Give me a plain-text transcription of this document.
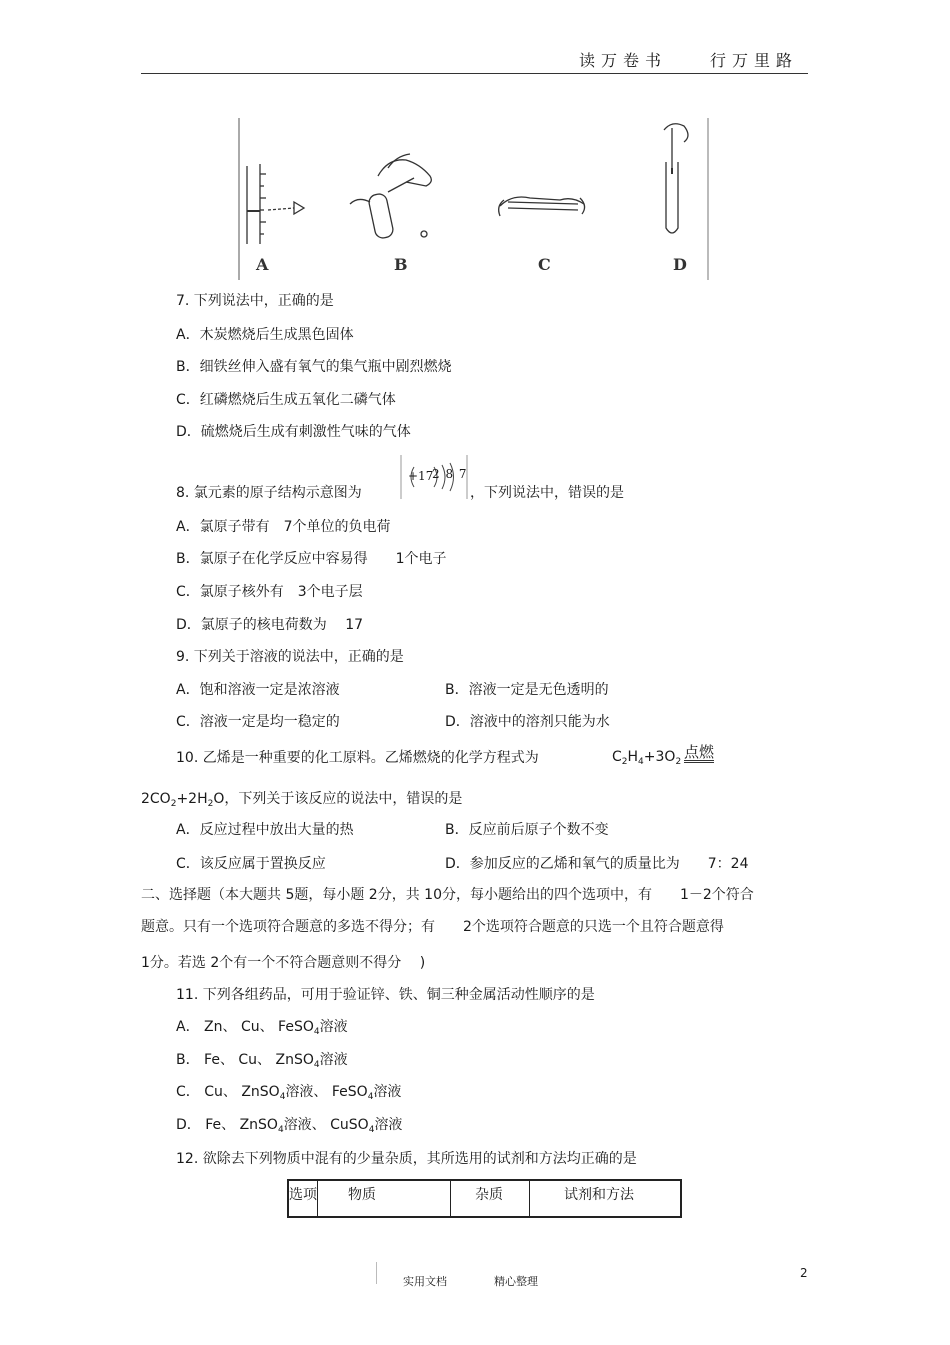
读万卷书	行万里路
A	B	C	D
7. 下列说法中，正确的是
A．木炭燃烧后生成黑色固体
B．细铁丝伸入盛有氧气的集气瓶中剧烈燃烧
C．红磷燃烧后生成五氧化二磷气体
D．硫燃烧后生成有刺激性气味的气体
8. 氯元素的原子结构示意图为
+17
2 8 7
，下列说法中，错误的是
A．氯原子带有　7个单位的负电荷
B．氯原子在化学反应中容易得　　1个电子
C．氯原子核外有　3个电子层
D．氯原子的核电荷数为　 17
9. 下列关于溶液的说法中，正确的是
A．饱和溶液一定是浓溶液	B．溶液一定是无色透明的
C．溶液一定是均一稳定的	D．溶液中的溶剂只能为水
10. 乙烯是一种重要的化工原料。乙烯燃烧的化学方程式为	$C_2H_4+3O_2$
点燃
$2CO_2+2H_2O$，下列关于该反应的说法中，错误的是
A．反应过程中放出大量的热	B．反应前后原子个数不变
C．该反应属于置换反应	D．参加反应的乙烯和氧气的质量比为　　7：24
二、选择题（本大题共 5题，每小题 2分，共 10分，每小题给出的四个选项中，有　　1－2个符合
题意。只有一个选项符合题意的多选不得分；有　　2个选项符合题意的只选一个且符合题意得
1分。若选 2个有一个不符合题意则不得分　 )
11. 下列各组药品，可用于验证锌、铁、铜三种金属活动性顺序的是
A． Zn、 Cu、 FeSO$_4$溶液
B． Fe、 Cu、 ZnSO$_4$溶液
C． Cu、 ZnSO$_4$溶液、 FeSO$_4$溶液
D． Fe、 ZnSO$_4$溶液、 CuSO$_4$溶液
12. 欲除去下列物质中混有的少量杂质，其所选用的试剂和方法均正确的是
选项	物质	杂质	试剂和方法
实用文档	精心整理
2
